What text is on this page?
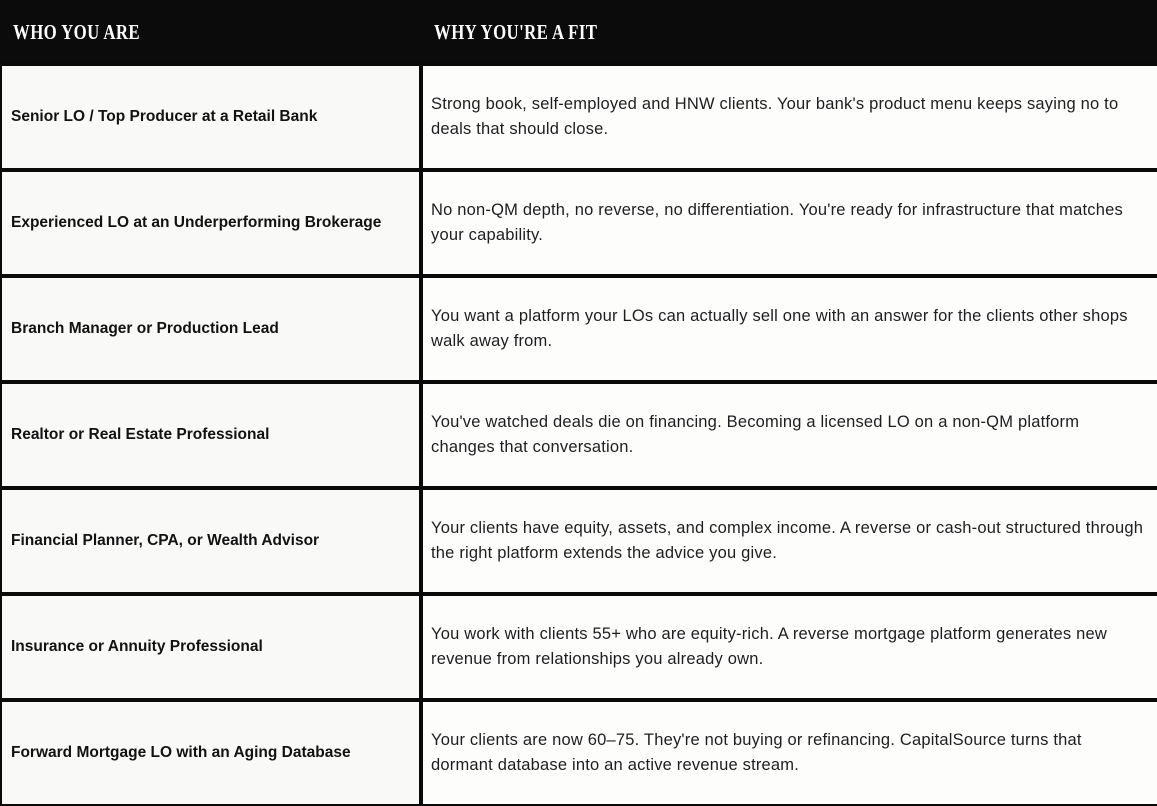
WHO YOU ARE	WHY YOU'RE A FIT
Senior LO / Top Producer at a Retail Bank	Strong book, self-employed and HNW clients. Your bank's product menu keeps saying no to deals that should close.
Experienced LO at an Underperforming Brokerage	No non-QM depth, no reverse, no differentiation. You're ready for infrastructure that matches your capability.
Branch Manager or Production Lead	You want a platform your LOs can actually sell one with an answer for the clients other shops walk away from.
Realtor or Real Estate Professional	You've watched deals die on financing. Becoming a licensed LO on a non-QM platform changes that conversation.
Financial Planner, CPA, or Wealth Advisor	Your clients have equity, assets, and complex income. A reverse or cash-out structured through the right platform extends the advice you give.
Insurance or Annuity Professional	You work with clients 55+ who are equity-rich. A reverse mortgage platform generates new revenue from relationships you already own.
Forward Mortgage LO with an Aging Database	Your clients are now 60–75. They're not buying or refinancing. CapitalSource turns that dormant database into an active revenue stream.
